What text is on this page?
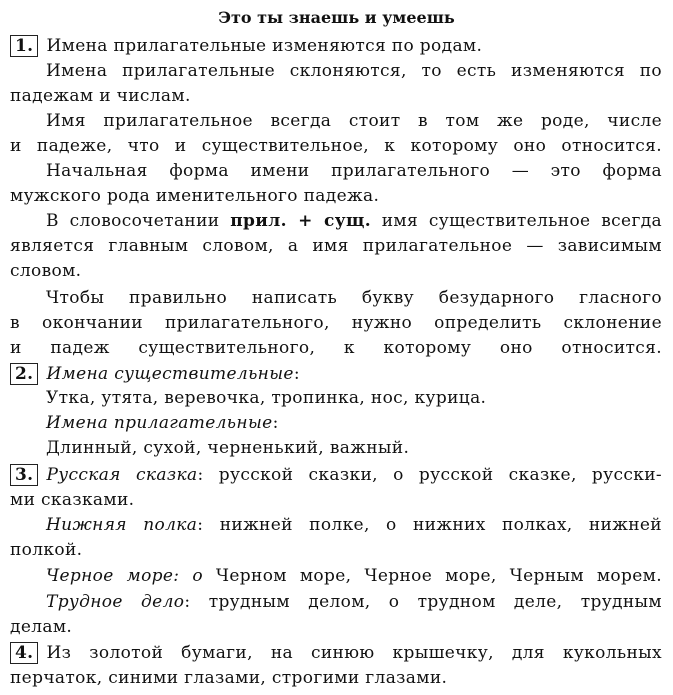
Это ты знаешь и умеешь
1. Имена прилагательные изменяются по родам.
Имена прилагательные склоняются, то есть изменяются по
падежам и числам.
Имя прилагательное всегда стоит в том же роде, числе
и падеже, что и существительное, к которому оно относится.
Начальная форма имени прилагательного — это форма
мужского рода именительного падежа.
В словосочетании прил. + сущ. имя существительное всегда
является главным словом, а имя прилагательное — зависимым
словом.
Чтобы правильно написать букву безударного гласного
в окончании прилагательного, нужно определить склонение
и падеж существительного, к которому оно относится.
2. Имена существительные:
Утка, утята, веревочка, тропинка, нос, курица.
Имена прилагательные:
Длинный, сухой, черненький, важный.
3. Русская сказка: русской сказки, о русской сказке, русски-
ми сказками.
Нижняя полка: нижней полке, о нижних полках, нижней
полкой.
Черное море: о Черном море, Черное море, Черным морем.
Трудное дело: трудным делом, о трудном деле, трудным
делам.
4. Из золотой бумаги, на синюю крышечку, для кукольных
перчаток, синими глазами, строгими глазами.
